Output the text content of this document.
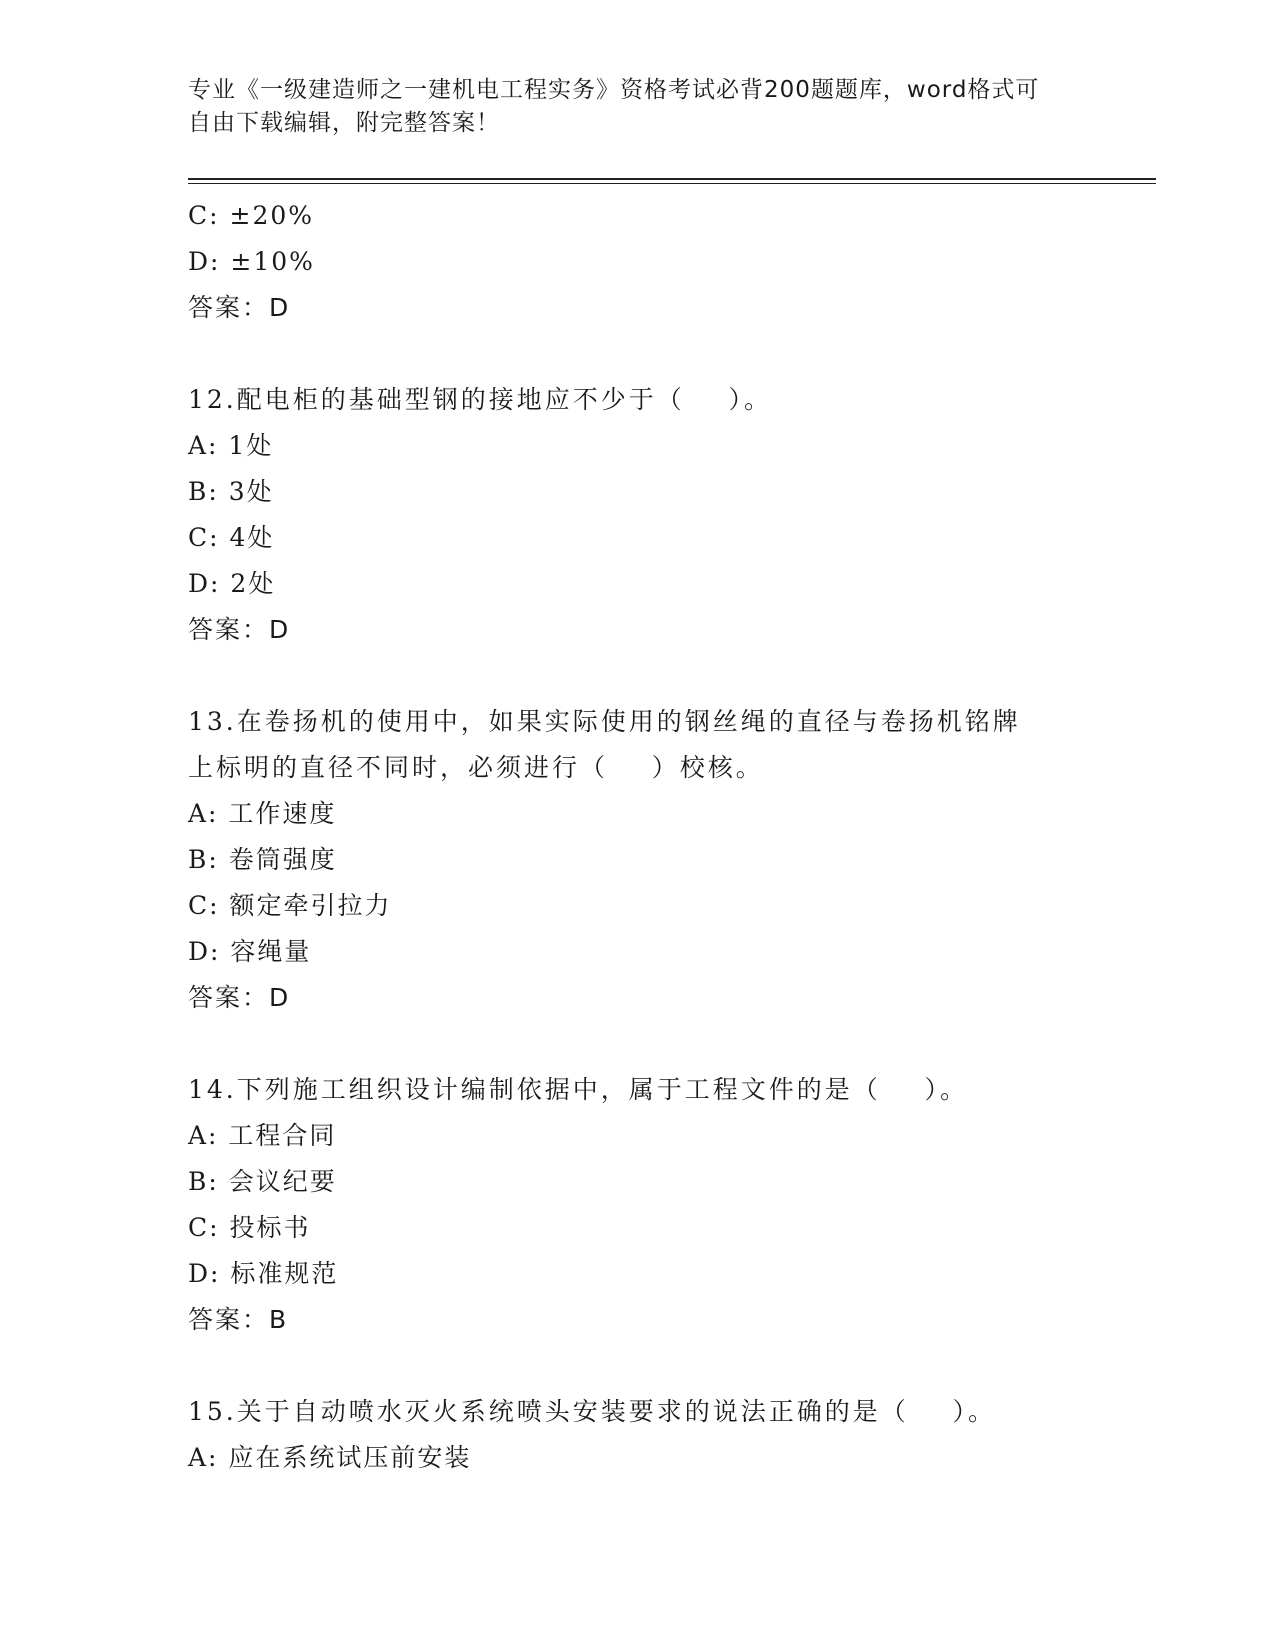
专业《一级建造师之一建机电工程实务》资格考试必背200题题库，word格式可
自由下载编辑，附完整答案！
C: ±20%
D: ±10%
答案：D
12.配电柜的基础型钢的接地应不少于（    ）。
A: 1处
B: 3处
C: 4处
D: 2处
答案：D
13.在卷扬机的使用中，如果实际使用的钢丝绳的直径与卷扬机铭牌上标明的直径不同时，必须进行（    ）校核。
A: 工作速度
B: 卷筒强度
C: 额定牵引拉力
D: 容绳量
答案：D
14.下列施工组织设计编制依据中，属于工程文件的是（    ）。
A: 工程合同
B: 会议纪要
C: 投标书
D: 标准规范
答案：B
15.关于自动喷水灭火系统喷头安装要求的说法正确的是（    ）。
A: 应在系统试压前安装
